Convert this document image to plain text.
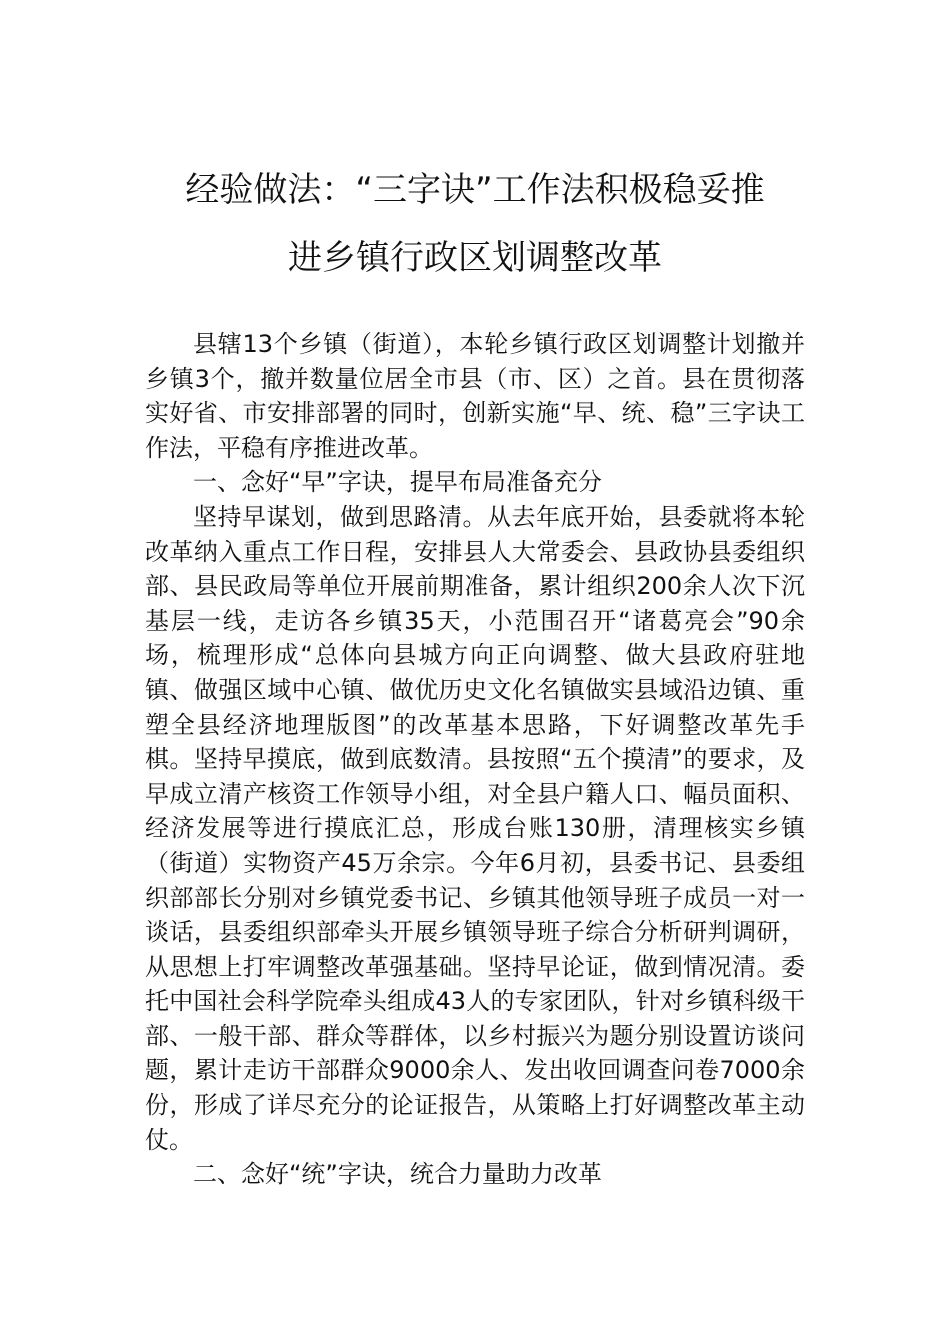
经验做法：“三字诀”工作法积极稳妥推
进乡镇行政区划调整改革

县辖13个乡镇（街道），本轮乡镇行政区划调整计划撤并乡镇3个，撤并数量位居全市县（市、区）之首。县在贯彻落实好省、市安排部署的同时，创新实施“早、统、稳”三字诀工作法，平稳有序推进改革。

一、念好“早”字诀，提早布局准备充分

坚持早谋划，做到思路清。从去年底开始，县委就将本轮改革纳入重点工作日程，安排县人大常委会、县政协县委组织部、县民政局等单位开展前期准备，累计组织200余人次下沉基层一线，走访各乡镇35天，小范围召开“诸葛亮会”90余场，梳理形成“总体向县城方向正向调整、做大县政府驻地镇、做强区域中心镇、做优历史文化名镇做实县域沿边镇、重塑全县经济地理版图”的改革基本思路，下好调整改革先手棋。坚持早摸底，做到底数清。县按照“五个摸清”的要求，及早成立清产核资工作领导小组，对全县户籍人口、幅员面积、经济发展等进行摸底汇总，形成台账130册，清理核实乡镇（街道）实物资产45万余宗。今年6月初，县委书记、县委组织部部长分别对乡镇党委书记、乡镇其他领导班子成员一对一谈话，县委组织部牵头开展乡镇领导班子综合分析研判调研，从思想上打牢调整改革强基础。坚持早论证，做到情况清。委托中国社会科学院牵头组成43人的专家团队，针对乡镇科级干部、一般干部、群众等群体，以乡村振兴为题分别设置访谈问题，累计走访干部群众9000余人、发出收回调查问卷7000余份，形成了详尽充分的论证报告，从策略上打好调整改革主动仗。

二、念好“统”字诀，统合力量助力改革
